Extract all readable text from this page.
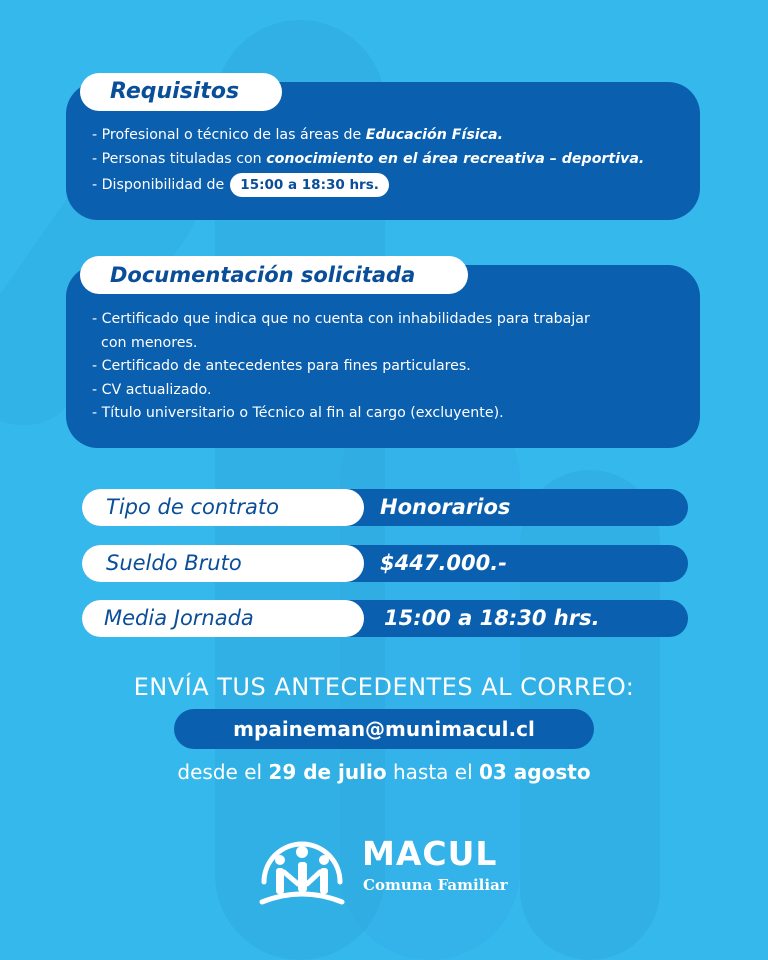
- Profesional o técnico de las áreas de Educación Física.
- Personas tituladas con conocimiento en el área recreativa – deportiva.
- Disponibilidad de 15:00 a 18:30 hrs.
Requisitos
- Certificado que indica que no cuenta con inhabilidades para trabajar
con menores.
- Certificado de antecedentes para fines particulares.
- CV actualizado.
- Título universitario o Técnico al fin al cargo (excluyente).
Documentación solicitada
Tipo de contrato	Honorarios
Sueldo Bruto	$447.000.-
Media Jornada	15:00 a 18:30 hrs.
ENVÍA TUS ANTECEDENTES AL CORREO:
mpaineman@munimacul.cl
desde el 29 de julio hasta el 03 agosto
MACUL
Comuna Familiar
